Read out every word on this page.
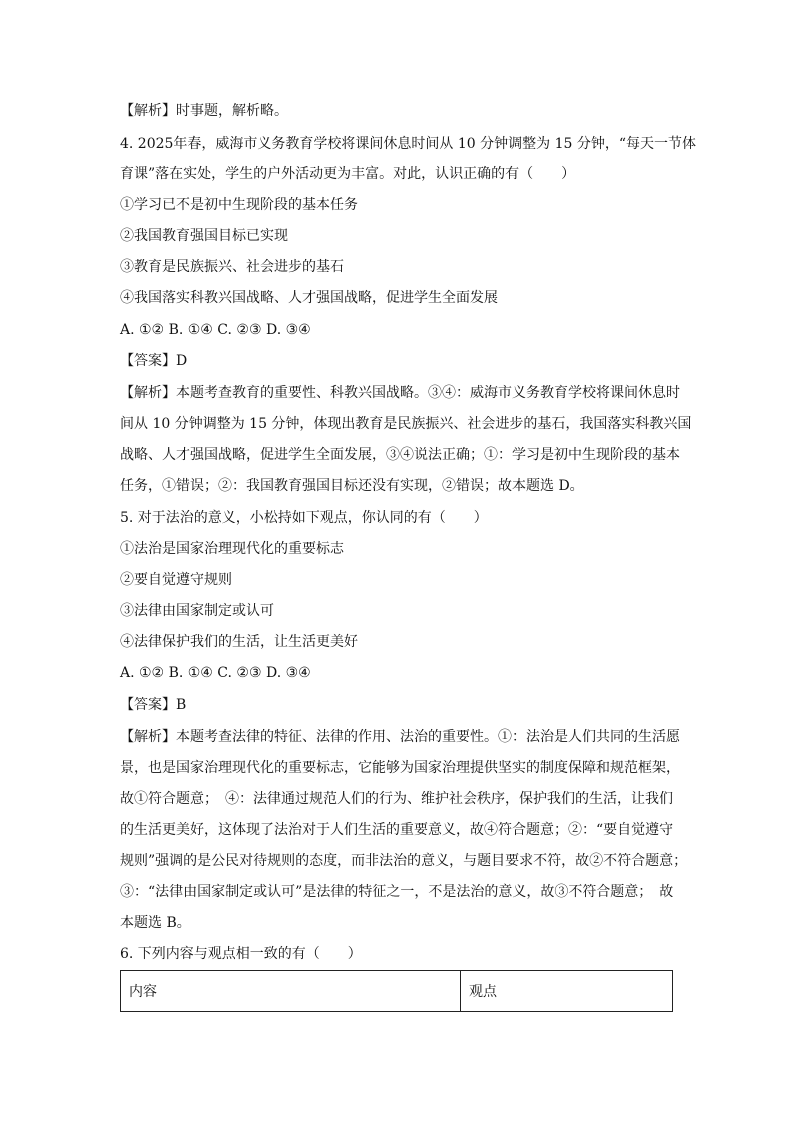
【解析】时事题，解析略。
4. 2025年春，威海市义务教育学校将课间休息时间从 10 分钟调整为 15 分钟，“每天一节体
育课”落在实处，学生的户外活动更为丰富。对此，认识正确的有（　　）
①学习已不是初中生现阶段的基本任务
②我国教育强国目标已实现
③教育是民族振兴、社会进步的基石
④我国落实科教兴国战略、人才强国战略，促进学生全面发展
A. ①② B. ①④ C. ②③ D. ③④
【答案】D
【解析】本题考查教育的重要性、科教兴国战略。③④：威海市义务教育学校将课间休息时
间从 10 分钟调整为 15 分钟，体现出教育是民族振兴、社会进步的基石，我国落实科教兴国
战略、人才强国战略，促进学生全面发展，③④说法正确；①：学习是初中生现阶段的基本
任务，①错误；②：我国教育强国目标还没有实现，②错误；故本题选 D。
5. 对于法治的意义，小松持如下观点，你认同的有（　　）
①法治是国家治理现代化的重要标志
②要自觉遵守规则
③法律由国家制定或认可
④法律保护我们的生活，让生活更美好
A. ①② B. ①④ C. ②③ D. ③④
【答案】B
【解析】本题考查法律的特征、法律的作用、法治的重要性。①：法治是人们共同的生活愿
景，也是国家治理现代化的重要标志，它能够为国家治理提供坚实的制度保障和规范框架，
故①符合题意；　④：法律通过规范人们的行为、维护社会秩序，保护我们的生活，让我们
的生活更美好，这体现了法治对于人们生活的重要意义，故④符合题意；②：“要自觉遵守
规则”强调的是公民对待规则的态度，而非法治的意义，与题目要求不符，故②不符合题意；
③：“法律由国家制定或认可”是法律的特征之一，不是法治的意义，故③不符合题意；　故
本题选 B。
6. 下列内容与观点相一致的有（　　）
内容	观点
